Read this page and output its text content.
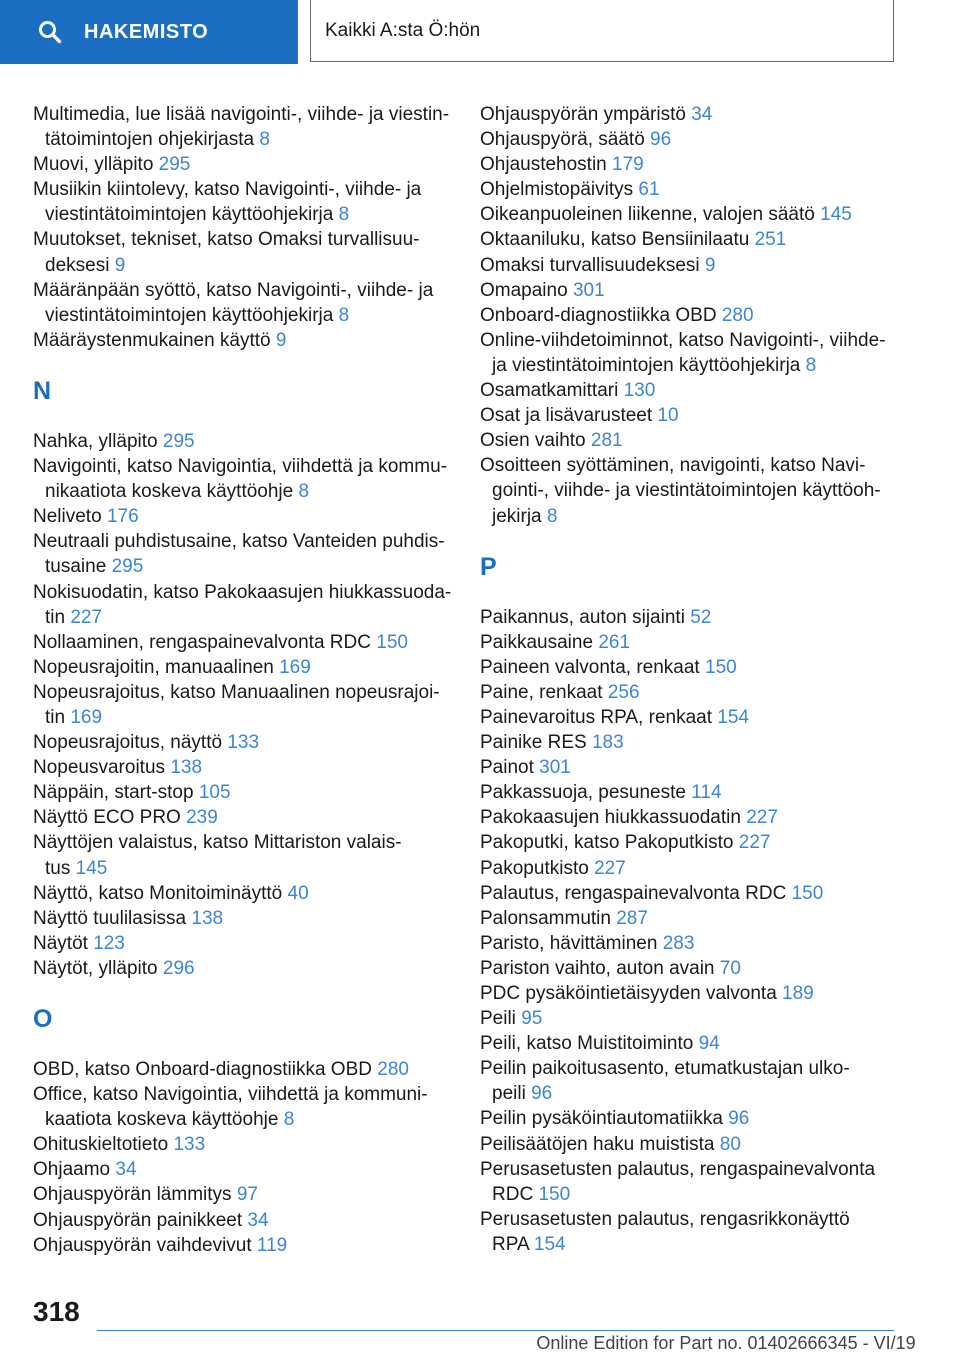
HAKEMISTO	Kaikki A:sta Ö:hön
Multimedia, lue lisää navigointi-, viihde- ja viestin-
tätoimintojen ohjekirjasta 8
Muovi, ylläpito 295
Musiikin kiintolevy, katso Navigointi-, viihde- ja
viestintätoimintojen käyttöohjekirja 8
Muutokset, tekniset, katso Omaksi turvallisuu-
deksesi 9
Määränpään syöttö, katso Navigointi-, viihde- ja
viestintätoimintojen käyttöohjekirja 8
Määräystenmukainen käyttö 9
N
Nahka, ylläpito 295
Navigointi, katso Navigointia, viihdettä ja kommu-
nikaatiota koskeva käyttöohje 8
Neliveto 176
Neutraali puhdistusaine, katso Vanteiden puhdis-
tusaine 295
Nokisuodatin, katso Pakokaasujen hiukkassuoda-
tin 227
Nollaaminen, rengaspainevalvonta RDC 150
Nopeusrajoitin, manuaalinen 169
Nopeusrajoitus, katso Manuaalinen nopeusrajoi-
tin 169
Nopeusrajoitus, näyttö 133
Nopeusvaroitus 138
Näppäin, start-stop 105
Näyttö ECO PRO 239
Näyttöjen valaistus, katso Mittariston valais-
tus 145
Näyttö, katso Monitoiminäyttö 40
Näyttö tuulilasissa 138
Näytöt 123
Näytöt, ylläpito 296
O
OBD, katso Onboard-diagnostiikka OBD 280
Office, katso Navigointia, viihdettä ja kommuni-
kaatiota koskeva käyttöohje 8
Ohituskieltotieto 133
Ohjaamo 34
Ohjauspyörän lämmitys 97
Ohjauspyörän painikkeet 34
Ohjauspyörän vaihdevivut 119
Ohjauspyörän ympäristö 34
Ohjauspyörä, säätö 96
Ohjaustehostin 179
Ohjelmistopäivitys 61
Oikeanpuoleinen liikenne, valojen säätö 145
Oktaaniluku, katso Bensiinilaatu 251
Omaksi turvallisuudeksesi 9
Omapaino 301
Onboard-diagnostiikka OBD 280
Online-viihdetoiminnot, katso Navigointi-, viihde-
ja viestintätoimintojen käyttöohjekirja 8
Osamatkamittari 130
Osat ja lisävarusteet 10
Osien vaihto 281
Osoitteen syöttäminen, navigointi, katso Navi-
gointi-, viihde- ja viestintätoimintojen käyttöoh-
jekirja 8
P
Paikannus, auton sijainti 52
Paikkausaine 261
Paineen valvonta, renkaat 150
Paine, renkaat 256
Painevaroitus RPA, renkaat 154
Painike RES 183
Painot 301
Pakkassuoja, pesuneste 114
Pakokaasujen hiukkassuodatin 227
Pakoputki, katso Pakoputkisto 227
Pakoputkisto 227
Palautus, rengaspainevalvonta RDC 150
Palonsammutin 287
Paristo, hävittäminen 283
Pariston vaihto, auton avain 70
PDC pysäköintietäisyyden valvonta 189
Peili 95
Peili, katso Muistitoiminto 94
Peilin paikoitusasento, etumatkustajan ulko-
peili 96
Peilin pysäköintiautomatiikka 96
Peilisäätöjen haku muistista 80
Perusasetusten palautus, rengaspainevalvonta
RDC 150
Perusasetusten palautus, rengasrikkonäyttö
RPA 154
318
Online Edition for Part no. 01402666345 - VI/19
